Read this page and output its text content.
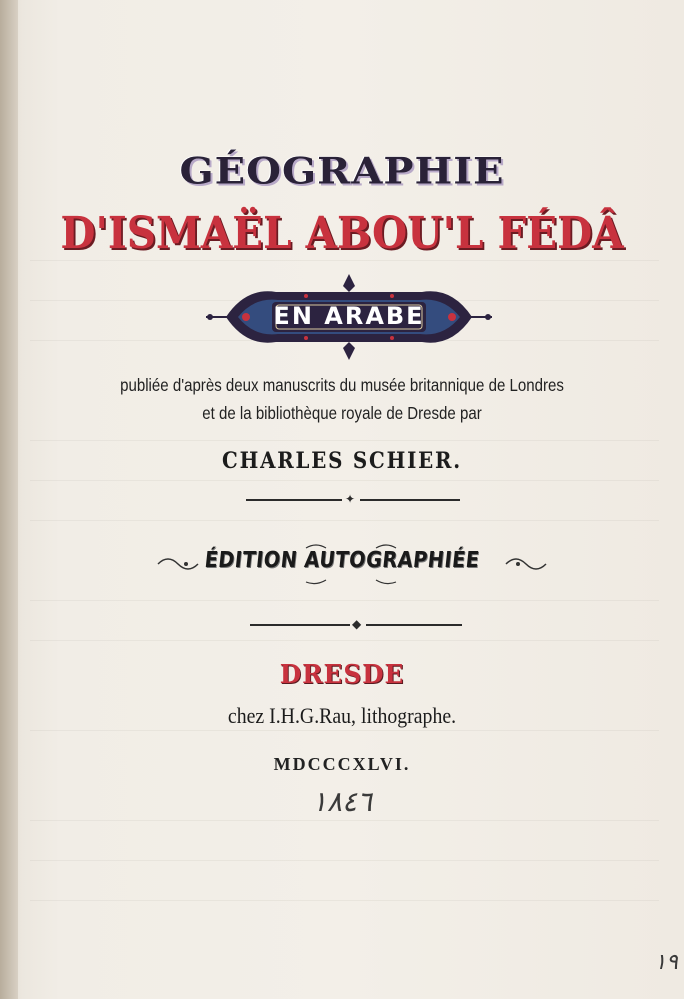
GÉOGRAPHIE
D'ISMAËL ABOU'L FÉDÂ
EN ARABE
publiée d'après deux manuscrits du musée britannique de Londres
et de la bibliothèque royale de Dresde par
CHARLES SCHIER.
✦
ÉDITION AUTOGRAPHIÉE
◆
DRESDE
chez I.H.G.Rau, lithographe.
MDCCCXLVI.
١٨٤٦
١٩
